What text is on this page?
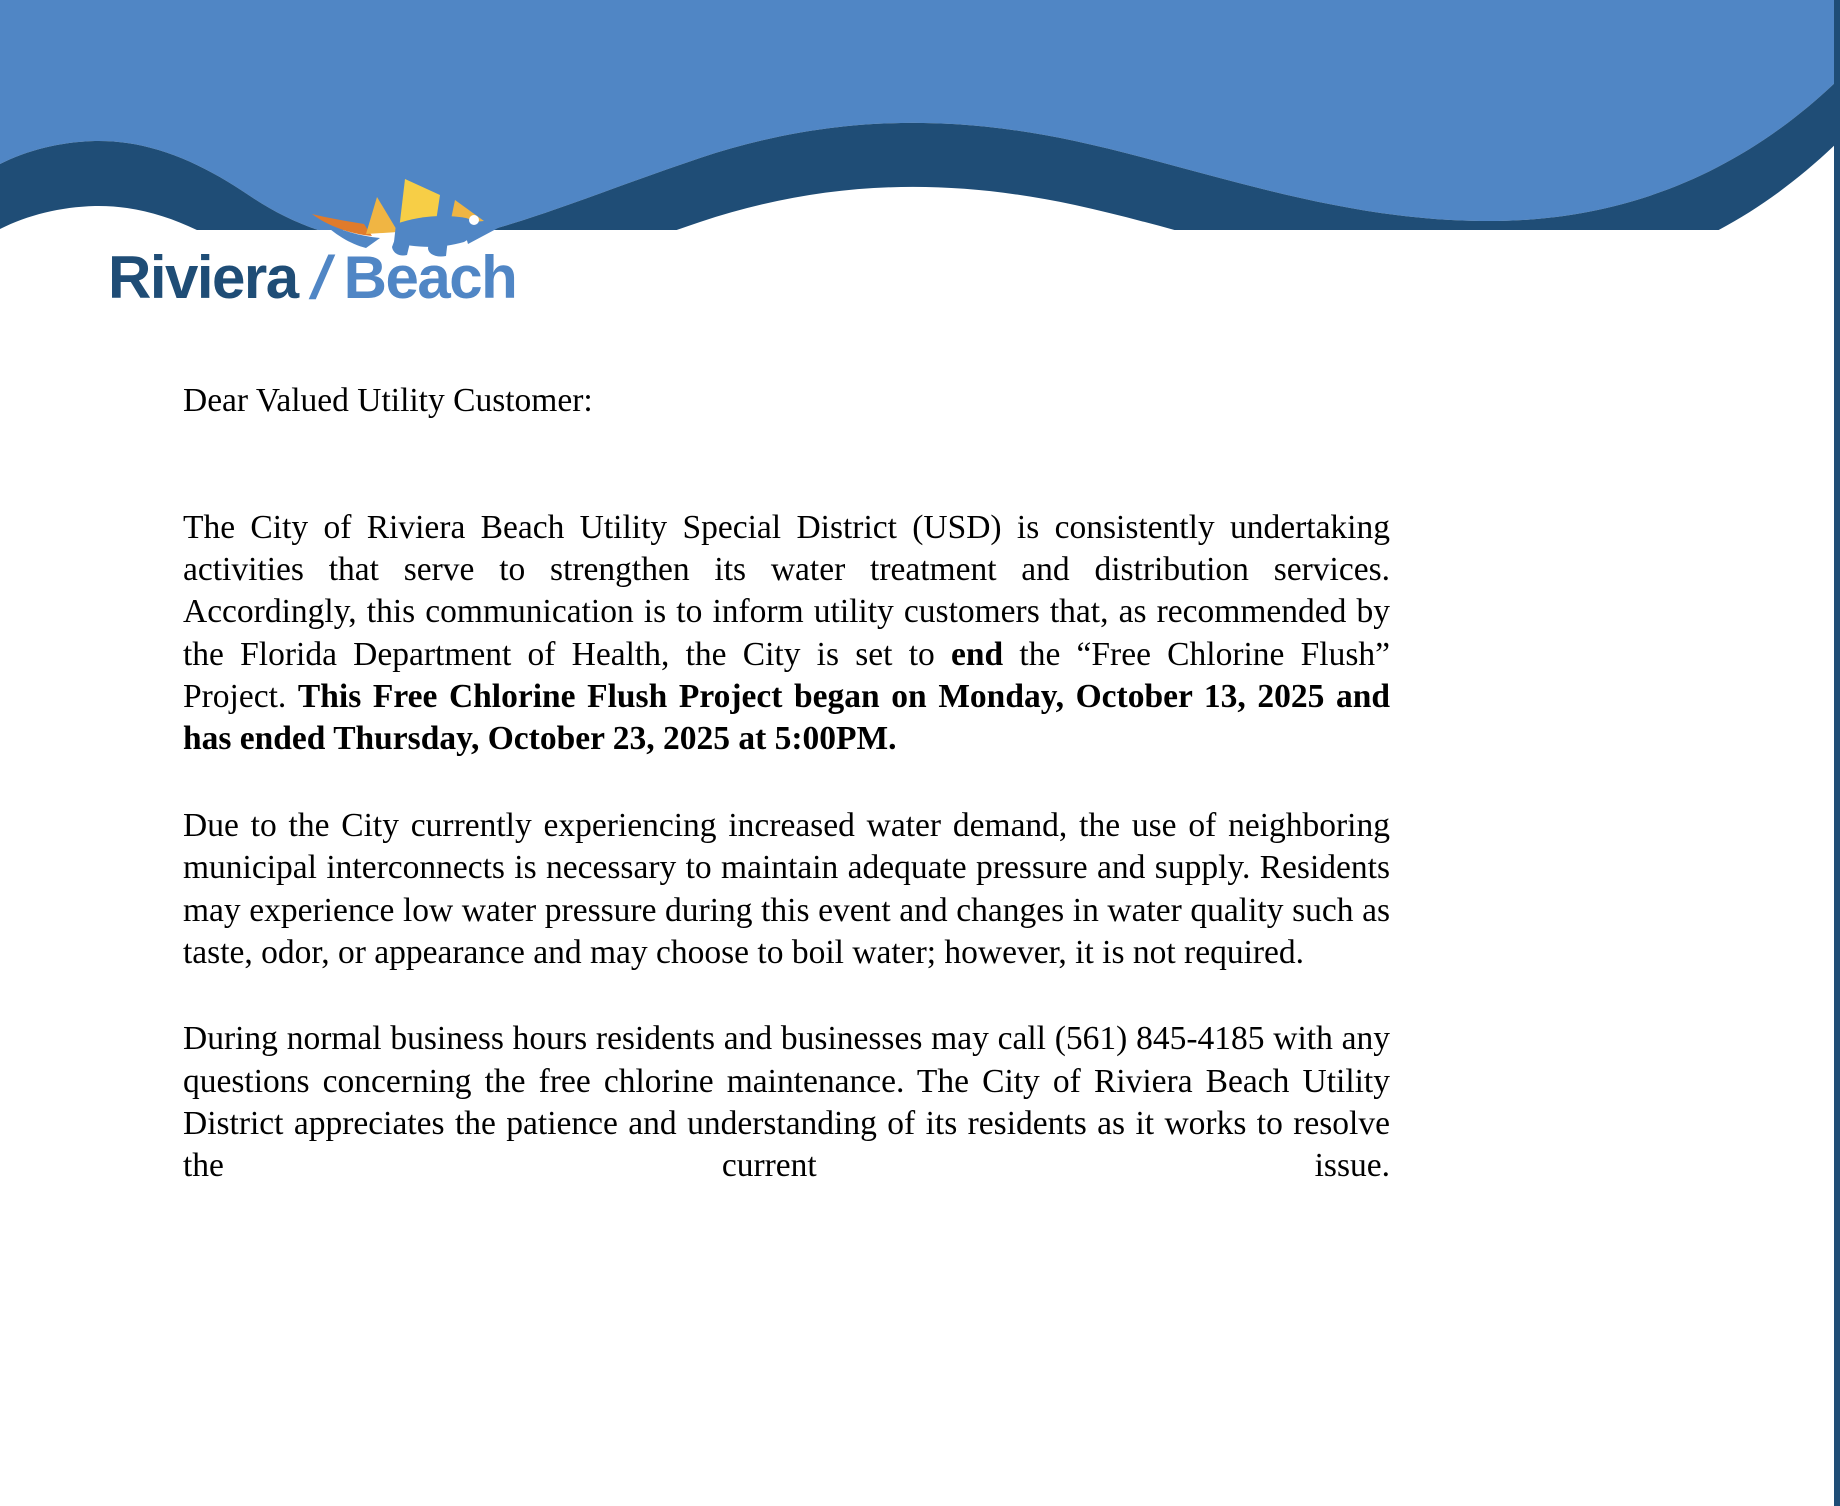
Riviera / Beach

Dear Valued Utility Customer:

The City of Riviera Beach Utility Special District (USD) is consistently undertaking activities that serve to strengthen its water treatment and distribution services. Accordingly, this communication is to inform utility customers that, as recommended by the Florida Department of Health, the City is set to end the “Free Chlorine Flush” Project. This Free Chlorine Flush Project began on Monday, October 13, 2025 and has ended Thursday, October 23, 2025 at 5:00PM.

Due to the City currently experiencing increased water demand, the use of neighboring municipal interconnects is necessary to maintain adequate pressure and supply. Residents may experience low water pressure during this event and changes in water quality such as taste, odor, or appearance and may choose to boil water; however, it is not required.

During normal business hours residents and businesses may call (561) 845-4185 with any questions concerning the free chlorine maintenance. The City of Riviera Beach Utility District appreciates the patience and understanding of its residents as it works to resolve the current issue.
